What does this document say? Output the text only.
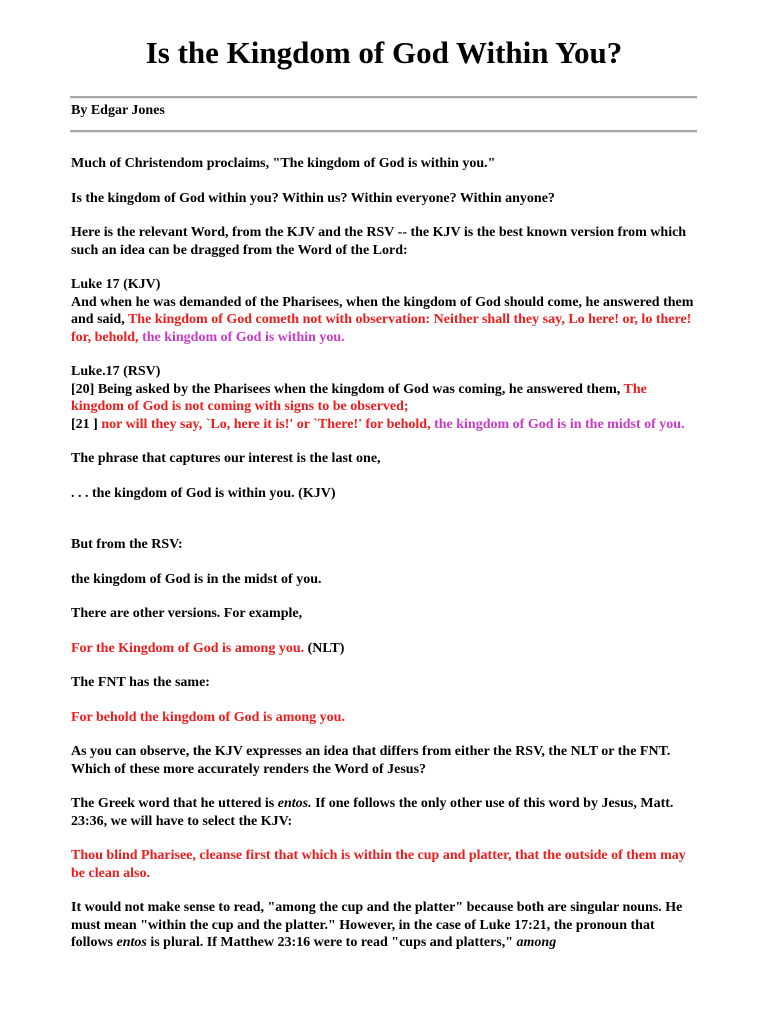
Is the Kingdom of God Within You?
By Edgar Jones

Much of Christendom proclaims, "The kingdom of God is within you."

Is the kingdom of God within you? Within us? Within everyone? Within anyone?

Here is the relevant Word, from the KJV and the RSV -- the KJV is the best known version from which such an idea can be dragged from the Word of the Lord:

Luke 17 (KJV)
And when he was demanded of the Pharisees, when the kingdom of God should come, he answered them and said, The kingdom of God cometh not with observation: Neither shall they say, Lo here! or, lo there! for, behold, the kingdom of God is within you.

Luke.17 (RSV)
[20] Being asked by the Pharisees when the kingdom of God was coming, he answered them, The kingdom of God is not coming with signs to be observed;
[21 ] nor will they say, `Lo, here it is!' or `There!' for behold, the kingdom of God is in the midst of you.

The phrase that captures our interest is the last one,

. . . the kingdom of God is within you. (KJV)

But from the RSV:

the kingdom of God is in the midst of you.

There are other versions. For example,

For the Kingdom of God is among you. (NLT)

The FNT has the same:

For behold the kingdom of God is among you.

As you can observe, the KJV expresses an idea that differs from either the RSV, the NLT or the FNT. Which of these more accurately renders the Word of Jesus?

The Greek word that he uttered is entos. If one follows the only other use of this word by Jesus, Matt. 23:36, we will have to select the KJV:

Thou blind Pharisee, cleanse first that which is within the cup and platter, that the outside of them may be clean also.

It would not make sense to read, "among the cup and the platter" because both are singular nouns. He must mean "within the cup and the platter." However, in the case of Luke 17:21, the pronoun that follows entos is plural. If Matthew 23:16 were to read "cups and platters," among
